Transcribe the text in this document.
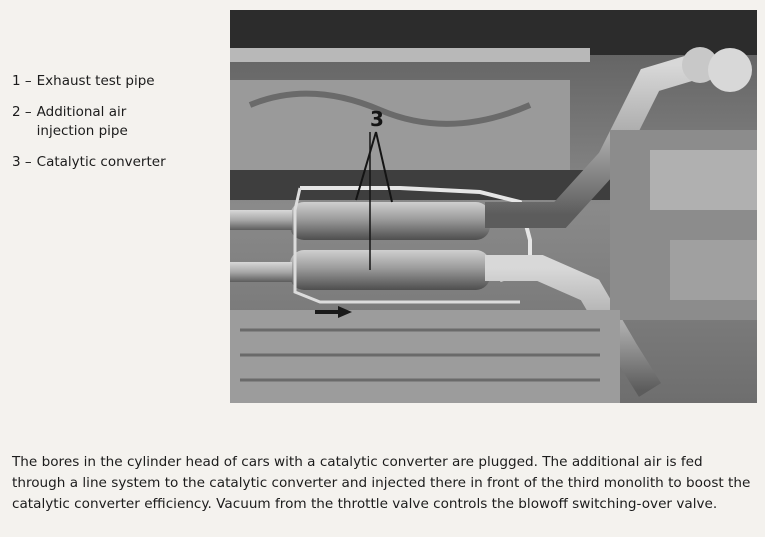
1 – Exhaust test pipe
2 – Additional air injection pipe
3 – Catalytic converter
3
The bores in the cylinder head of cars with a catalytic converter are plugged. The additional air is fed through a line system to the catalytic converter and injected there in front of the third monolith to boost the catalytic converter efficiency. Vacuum from the throttle valve controls the blowoff switching-over valve.
